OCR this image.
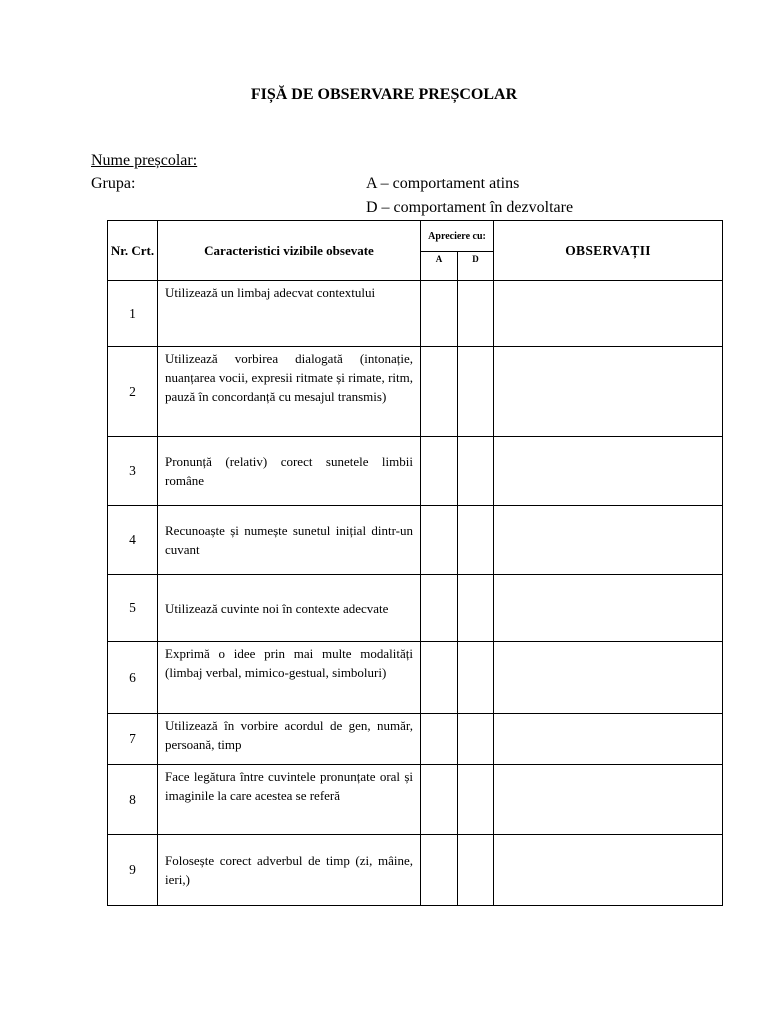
FIȘĂ DE OBSERVARE PREȘCOLAR
Nume preșcolar:
Grupa:	A – comportament atins
D – comportament în dezvoltare
Nr. Crt.	Caracteristici vizibile obsevate	Apreciere cu:		OBSERVAȚII
		A	D	
1	Utilizează un limbaj adecvat contextului			
2	Utilizează vorbirea dialogată (intonație, nuanțarea vocii, expresii ritmate și rimate, ritm, pauză în concordanță cu mesajul transmis)			
3	Pronunță (relativ) corect sunetele limbii române			
4	Recunoaște și numește sunetul inițial dintr-un cuvant			
5	Utilizează cuvinte noi în contexte adecvate			
6	Exprimă o idee prin mai multe modalități (limbaj verbal, mimico-gestual, simboluri)			
7	Utilizează în vorbire acordul de gen, număr, persoană, timp			
8	Face legătura între cuvintele pronunțate oral și imaginile la care acestea se referă			
9	Folosește corect adverbul de timp (zi, mâine, ieri,)			
